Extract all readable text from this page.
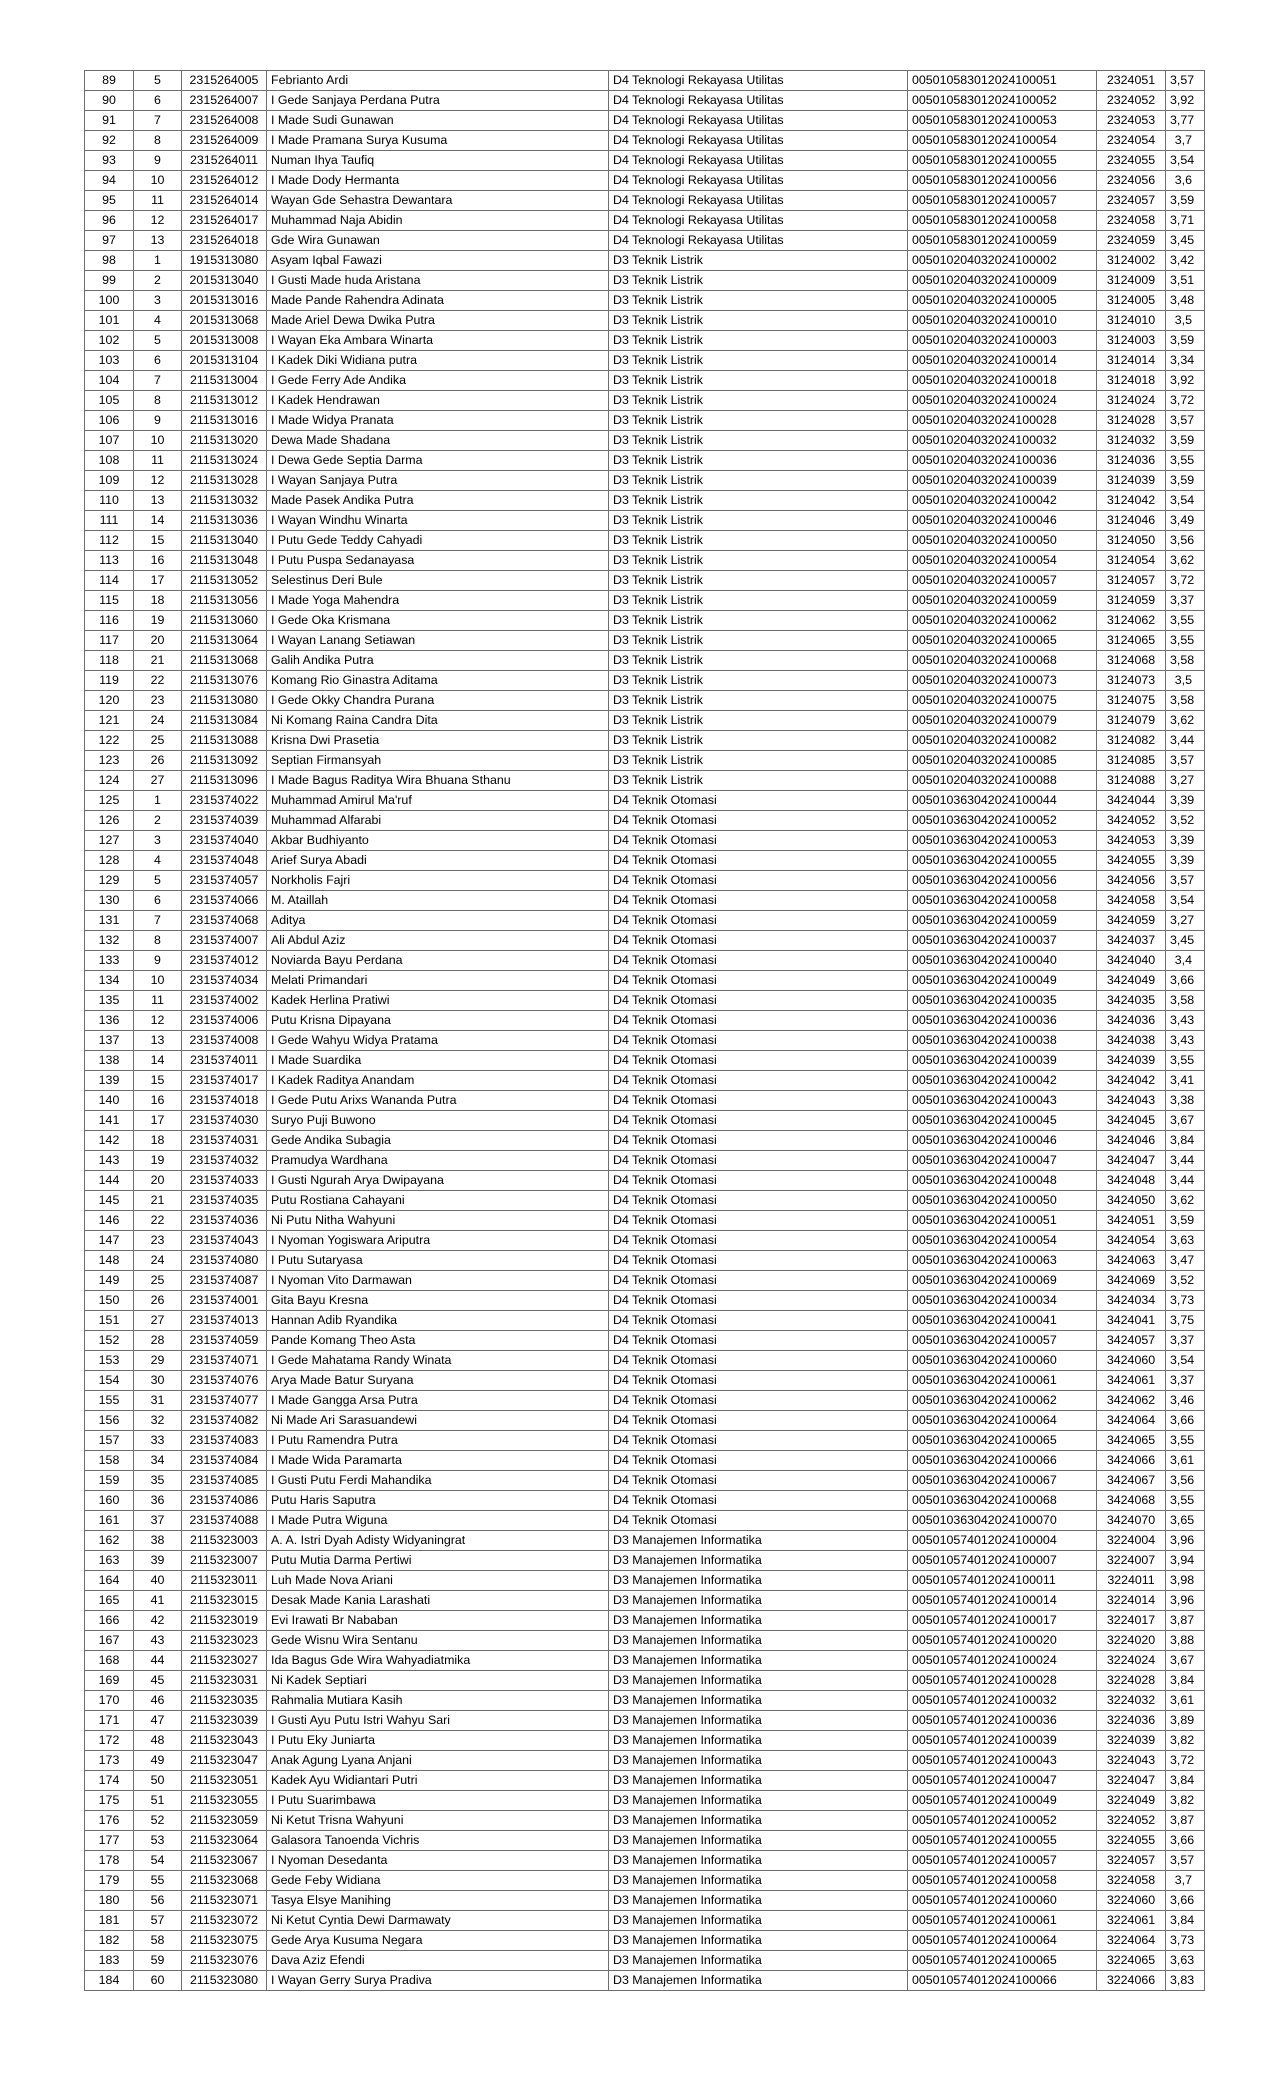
89	5	2315264005	Febrianto Ardi	D4 Teknologi Rekayasa Utilitas	005010583012024100051	2324051	3,57
90	6	2315264007	I Gede Sanjaya Perdana Putra	D4 Teknologi Rekayasa Utilitas	005010583012024100052	2324052	3,92
91	7	2315264008	I Made Sudi Gunawan	D4 Teknologi Rekayasa Utilitas	005010583012024100053	2324053	3,77
92	8	2315264009	I Made Pramana Surya Kusuma	D4 Teknologi Rekayasa Utilitas	005010583012024100054	2324054	3,7
93	9	2315264011	Numan Ihya Taufiq	D4 Teknologi Rekayasa Utilitas	005010583012024100055	2324055	3,54
94	10	2315264012	I Made Dody Hermanta	D4 Teknologi Rekayasa Utilitas	005010583012024100056	2324056	3,6
95	11	2315264014	Wayan Gde Sehastra Dewantara	D4 Teknologi Rekayasa Utilitas	005010583012024100057	2324057	3,59
96	12	2315264017	Muhammad Naja Abidin	D4 Teknologi Rekayasa Utilitas	005010583012024100058	2324058	3,71
97	13	2315264018	Gde Wira Gunawan	D4 Teknologi Rekayasa Utilitas	005010583012024100059	2324059	3,45
98	1	1915313080	Asyam Iqbal Fawazi	D3 Teknik Listrik	005010204032024100002	3124002	3,42
99	2	2015313040	I Gusti Made huda Aristana	D3 Teknik Listrik	005010204032024100009	3124009	3,51
100	3	2015313016	Made Pande Rahendra Adinata	D3 Teknik Listrik	005010204032024100005	3124005	3,48
101	4	2015313068	Made Ariel Dewa Dwika Putra	D3 Teknik Listrik	005010204032024100010	3124010	3,5
102	5	2015313008	I Wayan Eka Ambara Winarta	D3 Teknik Listrik	005010204032024100003	3124003	3,59
103	6	2015313104	I Kadek Diki Widiana putra	D3 Teknik Listrik	005010204032024100014	3124014	3,34
104	7	2115313004	I Gede Ferry Ade Andika	D3 Teknik Listrik	005010204032024100018	3124018	3,92
105	8	2115313012	I Kadek Hendrawan	D3 Teknik Listrik	005010204032024100024	3124024	3,72
106	9	2115313016	I Made Widya Pranata	D3 Teknik Listrik	005010204032024100028	3124028	3,57
107	10	2115313020	Dewa Made Shadana	D3 Teknik Listrik	005010204032024100032	3124032	3,59
108	11	2115313024	I Dewa Gede Septia Darma	D3 Teknik Listrik	005010204032024100036	3124036	3,55
109	12	2115313028	I Wayan Sanjaya Putra	D3 Teknik Listrik	005010204032024100039	3124039	3,59
110	13	2115313032	Made Pasek Andika Putra	D3 Teknik Listrik	005010204032024100042	3124042	3,54
111	14	2115313036	I Wayan Windhu Winarta	D3 Teknik Listrik	005010204032024100046	3124046	3,49
112	15	2115313040	I Putu Gede Teddy Cahyadi	D3 Teknik Listrik	005010204032024100050	3124050	3,56
113	16	2115313048	I Putu Puspa Sedanayasa	D3 Teknik Listrik	005010204032024100054	3124054	3,62
114	17	2115313052	Selestinus Deri Bule	D3 Teknik Listrik	005010204032024100057	3124057	3,72
115	18	2115313056	I Made Yoga Mahendra	D3 Teknik Listrik	005010204032024100059	3124059	3,37
116	19	2115313060	I Gede Oka Krismana	D3 Teknik Listrik	005010204032024100062	3124062	3,55
117	20	2115313064	I Wayan Lanang Setiawan	D3 Teknik Listrik	005010204032024100065	3124065	3,55
118	21	2115313068	Galih Andika Putra	D3 Teknik Listrik	005010204032024100068	3124068	3,58
119	22	2115313076	Komang Rio Ginastra Aditama	D3 Teknik Listrik	005010204032024100073	3124073	3,5
120	23	2115313080	I Gede Okky Chandra Purana	D3 Teknik Listrik	005010204032024100075	3124075	3,58
121	24	2115313084	Ni Komang Raina Candra Dita	D3 Teknik Listrik	005010204032024100079	3124079	3,62
122	25	2115313088	Krisna Dwi Prasetia	D3 Teknik Listrik	005010204032024100082	3124082	3,44
123	26	2115313092	Septian Firmansyah	D3 Teknik Listrik	005010204032024100085	3124085	3,57
124	27	2115313096	I Made Bagus Raditya Wira Bhuana Sthanu	D3 Teknik Listrik	005010204032024100088	3124088	3,27
125	1	2315374022	Muhammad Amirul Ma'ruf	D4 Teknik Otomasi	005010363042024100044	3424044	3,39
126	2	2315374039	Muhammad Alfarabi	D4 Teknik Otomasi	005010363042024100052	3424052	3,52
127	3	2315374040	Akbar Budhiyanto	D4 Teknik Otomasi	005010363042024100053	3424053	3,39
128	4	2315374048	Arief Surya Abadi	D4 Teknik Otomasi	005010363042024100055	3424055	3,39
129	5	2315374057	Norkholis Fajri	D4 Teknik Otomasi	005010363042024100056	3424056	3,57
130	6	2315374066	M. Ataillah	D4 Teknik Otomasi	005010363042024100058	3424058	3,54
131	7	2315374068	Aditya	D4 Teknik Otomasi	005010363042024100059	3424059	3,27
132	8	2315374007	Ali Abdul Aziz	D4 Teknik Otomasi	005010363042024100037	3424037	3,45
133	9	2315374012	Noviarda Bayu Perdana	D4 Teknik Otomasi	005010363042024100040	3424040	3,4
134	10	2315374034	Melati Primandari	D4 Teknik Otomasi	005010363042024100049	3424049	3,66
135	11	2315374002	Kadek Herlina Pratiwi	D4 Teknik Otomasi	005010363042024100035	3424035	3,58
136	12	2315374006	Putu Krisna Dipayana	D4 Teknik Otomasi	005010363042024100036	3424036	3,43
137	13	2315374008	I Gede Wahyu Widya Pratama	D4 Teknik Otomasi	005010363042024100038	3424038	3,43
138	14	2315374011	I Made Suardika	D4 Teknik Otomasi	005010363042024100039	3424039	3,55
139	15	2315374017	I Kadek Raditya Anandam	D4 Teknik Otomasi	005010363042024100042	3424042	3,41
140	16	2315374018	I Gede Putu Arixs Wananda Putra	D4 Teknik Otomasi	005010363042024100043	3424043	3,38
141	17	2315374030	Suryo Puji Buwono	D4 Teknik Otomasi	005010363042024100045	3424045	3,67
142	18	2315374031	Gede Andika Subagia	D4 Teknik Otomasi	005010363042024100046	3424046	3,84
143	19	2315374032	Pramudya Wardhana	D4 Teknik Otomasi	005010363042024100047	3424047	3,44
144	20	2315374033	I Gusti Ngurah Arya Dwipayana	D4 Teknik Otomasi	005010363042024100048	3424048	3,44
145	21	2315374035	Putu Rostiana Cahayani	D4 Teknik Otomasi	005010363042024100050	3424050	3,62
146	22	2315374036	Ni Putu Nitha Wahyuni	D4 Teknik Otomasi	005010363042024100051	3424051	3,59
147	23	2315374043	I Nyoman Yogiswara Ariputra	D4 Teknik Otomasi	005010363042024100054	3424054	3,63
148	24	2315374080	I Putu Sutaryasa	D4 Teknik Otomasi	005010363042024100063	3424063	3,47
149	25	2315374087	I Nyoman Vito Darmawan	D4 Teknik Otomasi	005010363042024100069	3424069	3,52
150	26	2315374001	Gita Bayu Kresna	D4 Teknik Otomasi	005010363042024100034	3424034	3,73
151	27	2315374013	Hannan Adib Ryandika	D4 Teknik Otomasi	005010363042024100041	3424041	3,75
152	28	2315374059	Pande Komang Theo Asta	D4 Teknik Otomasi	005010363042024100057	3424057	3,37
153	29	2315374071	I Gede Mahatama Randy Winata	D4 Teknik Otomasi	005010363042024100060	3424060	3,54
154	30	2315374076	Arya Made Batur Suryana	D4 Teknik Otomasi	005010363042024100061	3424061	3,37
155	31	2315374077	I Made Gangga Arsa Putra	D4 Teknik Otomasi	005010363042024100062	3424062	3,46
156	32	2315374082	Ni Made Ari Sarasuandewi	D4 Teknik Otomasi	005010363042024100064	3424064	3,66
157	33	2315374083	I Putu Ramendra Putra	D4 Teknik Otomasi	005010363042024100065	3424065	3,55
158	34	2315374084	I Made Wida Paramarta	D4 Teknik Otomasi	005010363042024100066	3424066	3,61
159	35	2315374085	I Gusti Putu Ferdi Mahandika	D4 Teknik Otomasi	005010363042024100067	3424067	3,56
160	36	2315374086	Putu Haris Saputra	D4 Teknik Otomasi	005010363042024100068	3424068	3,55
161	37	2315374088	I Made Putra Wiguna	D4 Teknik Otomasi	005010363042024100070	3424070	3,65
162	38	2115323003	A. A. Istri Dyah Adisty Widyaningrat	D3 Manajemen Informatika	005010574012024100004	3224004	3,96
163	39	2115323007	Putu Mutia Darma Pertiwi	D3 Manajemen Informatika	005010574012024100007	3224007	3,94
164	40	2115323011	Luh Made Nova Ariani	D3 Manajemen Informatika	005010574012024100011	3224011	3,98
165	41	2115323015	Desak Made Kania Larashati	D3 Manajemen Informatika	005010574012024100014	3224014	3,96
166	42	2115323019	Evi Irawati Br Nababan	D3 Manajemen Informatika	005010574012024100017	3224017	3,87
167	43	2115323023	Gede Wisnu Wira Sentanu	D3 Manajemen Informatika	005010574012024100020	3224020	3,88
168	44	2115323027	Ida Bagus Gde Wira Wahyadiatmika	D3 Manajemen Informatika	005010574012024100024	3224024	3,67
169	45	2115323031	Ni Kadek Septiari	D3 Manajemen Informatika	005010574012024100028	3224028	3,84
170	46	2115323035	Rahmalia Mutiara Kasih	D3 Manajemen Informatika	005010574012024100032	3224032	3,61
171	47	2115323039	I Gusti Ayu Putu Istri Wahyu Sari	D3 Manajemen Informatika	005010574012024100036	3224036	3,89
172	48	2115323043	I Putu Eky Juniarta	D3 Manajemen Informatika	005010574012024100039	3224039	3,82
173	49	2115323047	Anak Agung Lyana Anjani	D3 Manajemen Informatika	005010574012024100043	3224043	3,72
174	50	2115323051	Kadek Ayu Widiantari Putri	D3 Manajemen Informatika	005010574012024100047	3224047	3,84
175	51	2115323055	I Putu Suarimbawa	D3 Manajemen Informatika	005010574012024100049	3224049	3,82
176	52	2115323059	Ni Ketut Trisna Wahyuni	D3 Manajemen Informatika	005010574012024100052	3224052	3,87
177	53	2115323064	Galasora Tanoenda Vichris	D3 Manajemen Informatika	005010574012024100055	3224055	3,66
178	54	2115323067	I Nyoman Desedanta	D3 Manajemen Informatika	005010574012024100057	3224057	3,57
179	55	2115323068	Gede Feby Widiana	D3 Manajemen Informatika	005010574012024100058	3224058	3,7
180	56	2115323071	Tasya Elsye Manihing	D3 Manajemen Informatika	005010574012024100060	3224060	3,66
181	57	2115323072	Ni Ketut Cyntia Dewi Darmawaty	D3 Manajemen Informatika	005010574012024100061	3224061	3,84
182	58	2115323075	Gede Arya Kusuma Negara	D3 Manajemen Informatika	005010574012024100064	3224064	3,73
183	59	2115323076	Dava Aziz Efendi	D3 Manajemen Informatika	005010574012024100065	3224065	3,63
184	60	2115323080	I Wayan Gerry Surya Pradiva	D3 Manajemen Informatika	005010574012024100066	3224066	3,83
